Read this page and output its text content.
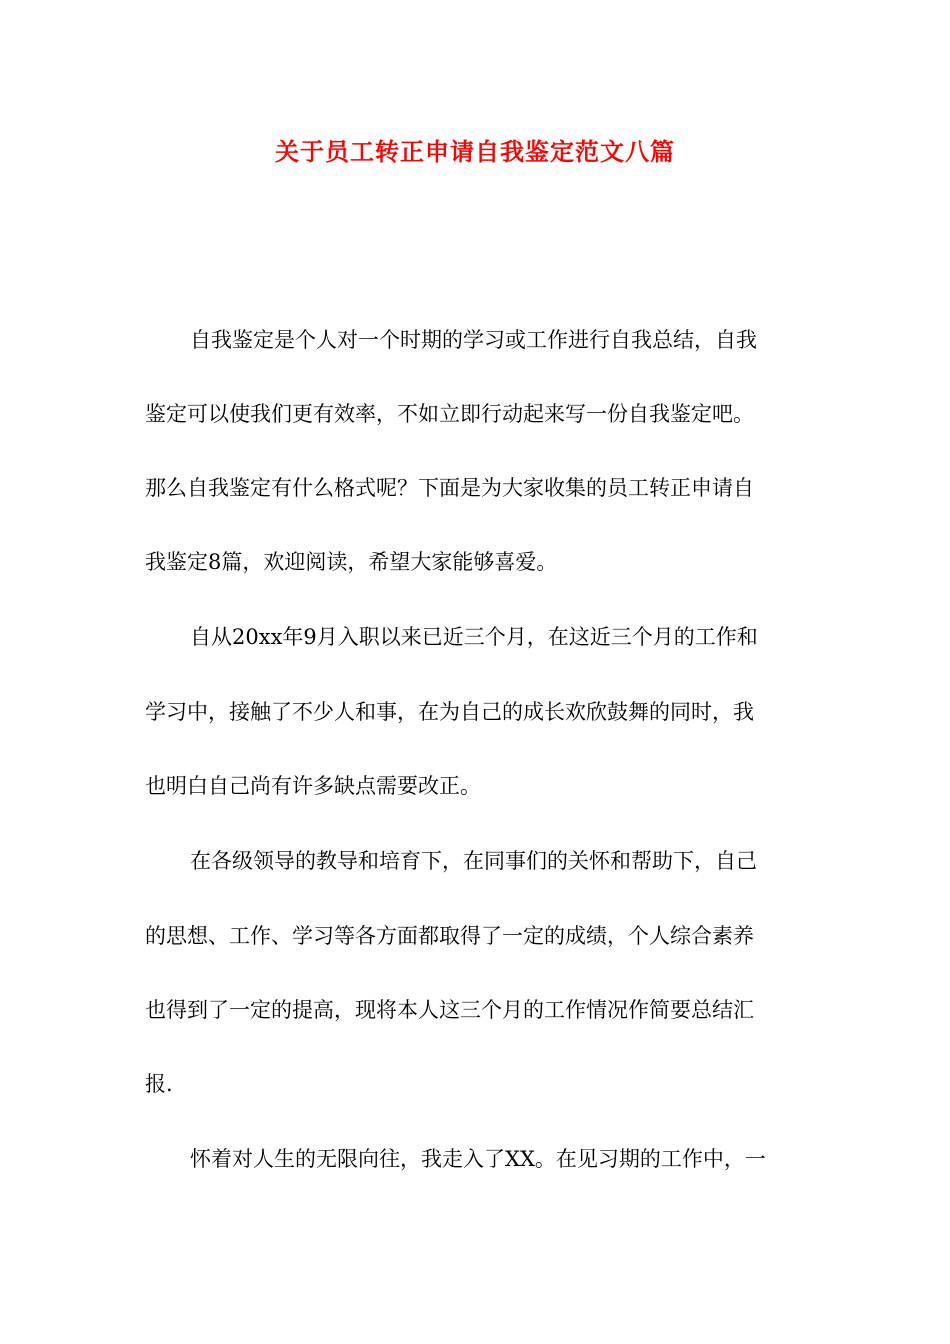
关于员工转正申请自我鉴定范文八篇

自我鉴定是个人对一个时期的学习或工作进行自我总结，自我

鉴定可以使我们更有效率，不如立即行动起来写一份自我鉴定吧。

那么自我鉴定有什么格式呢？下面是为大家收集的员工转正申请自

我鉴定8篇，欢迎阅读，希望大家能够喜爱。

自从20xx年9月入职以来已近三个月，在这近三个月的工作和

学习中，接触了不少人和事，在为自己的成长欢欣鼓舞的同时，我

也明白自己尚有许多缺点需要改正。

在各级领导的教导和培育下，在同事们的关怀和帮助下，自己

的思想、工作、学习等各方面都取得了一定的成绩，个人综合素养

也得到了一定的提高，现将本人这三个月的工作情况作简要总结汇

报.

怀着对人生的无限向往，我走入了XX。在见习期的工作中，一
